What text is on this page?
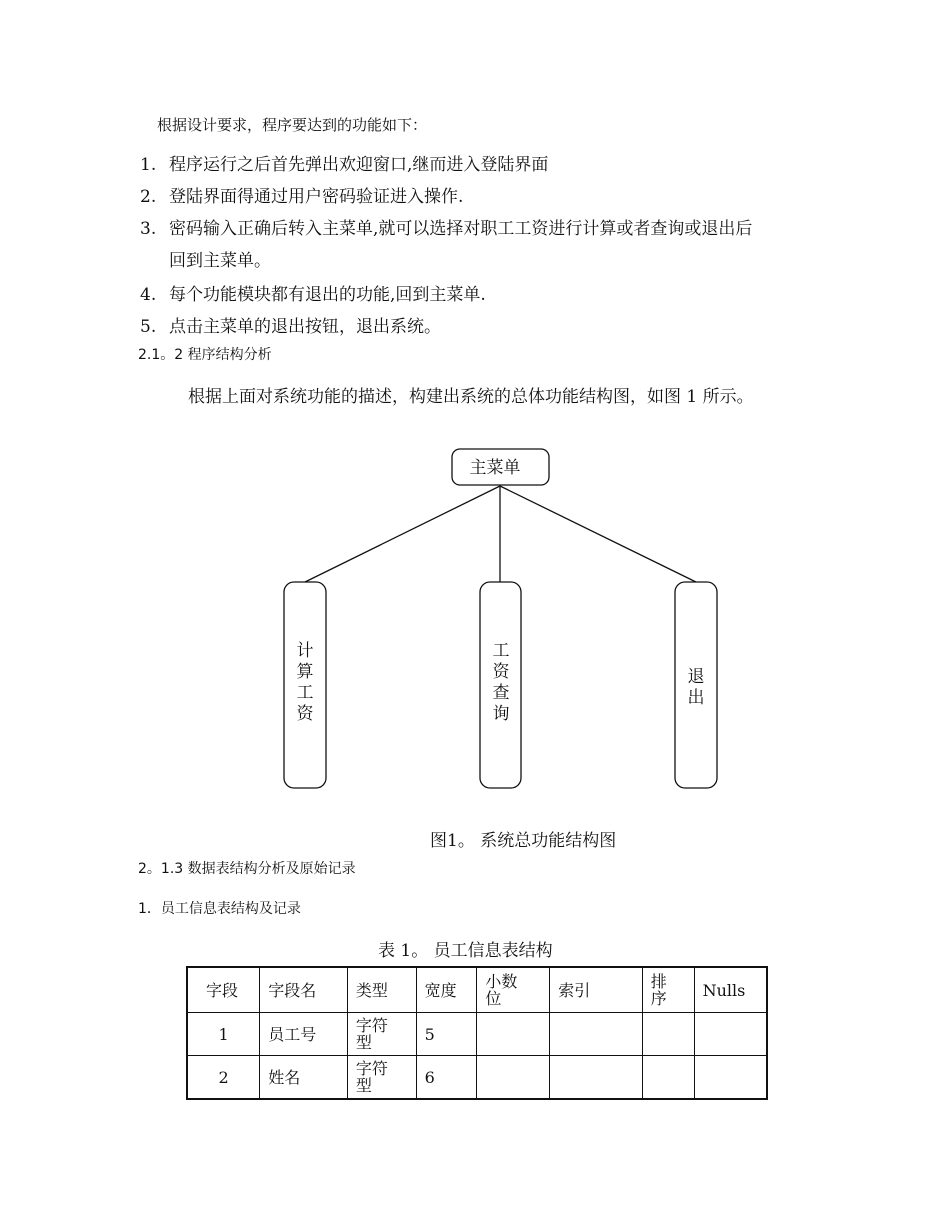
根据设计要求，程序要达到的功能如下：
1. 程序运行之后首先弹出欢迎窗口,继而进入登陆界面
2. 登陆界面得通过用户密码验证进入操作.
3. 密码输入正确后转入主菜单,就可以选择对职工工资进行计算或者查询或退出后
回到主菜单。
4. 每个功能模块都有退出的功能,回到主菜单.
5. 点击主菜单的退出按钮，退出系统。
2.1。2 程序结构分析
根据上面对系统功能的描述，构建出系统的总体功能结构图，如图 1 所示。
主菜单
计算工资
工资查询
退出
图1。 系统总功能结构图
2。1.3 数据表结构分析及原始记录
1．员工信息表结构及记录
表 1。 员工信息表结构
字段	字段名	类型	宽度	小数位	索引	排序	Nulls
1	员工号	字符型	5				
2	姓名	字符型	6				
